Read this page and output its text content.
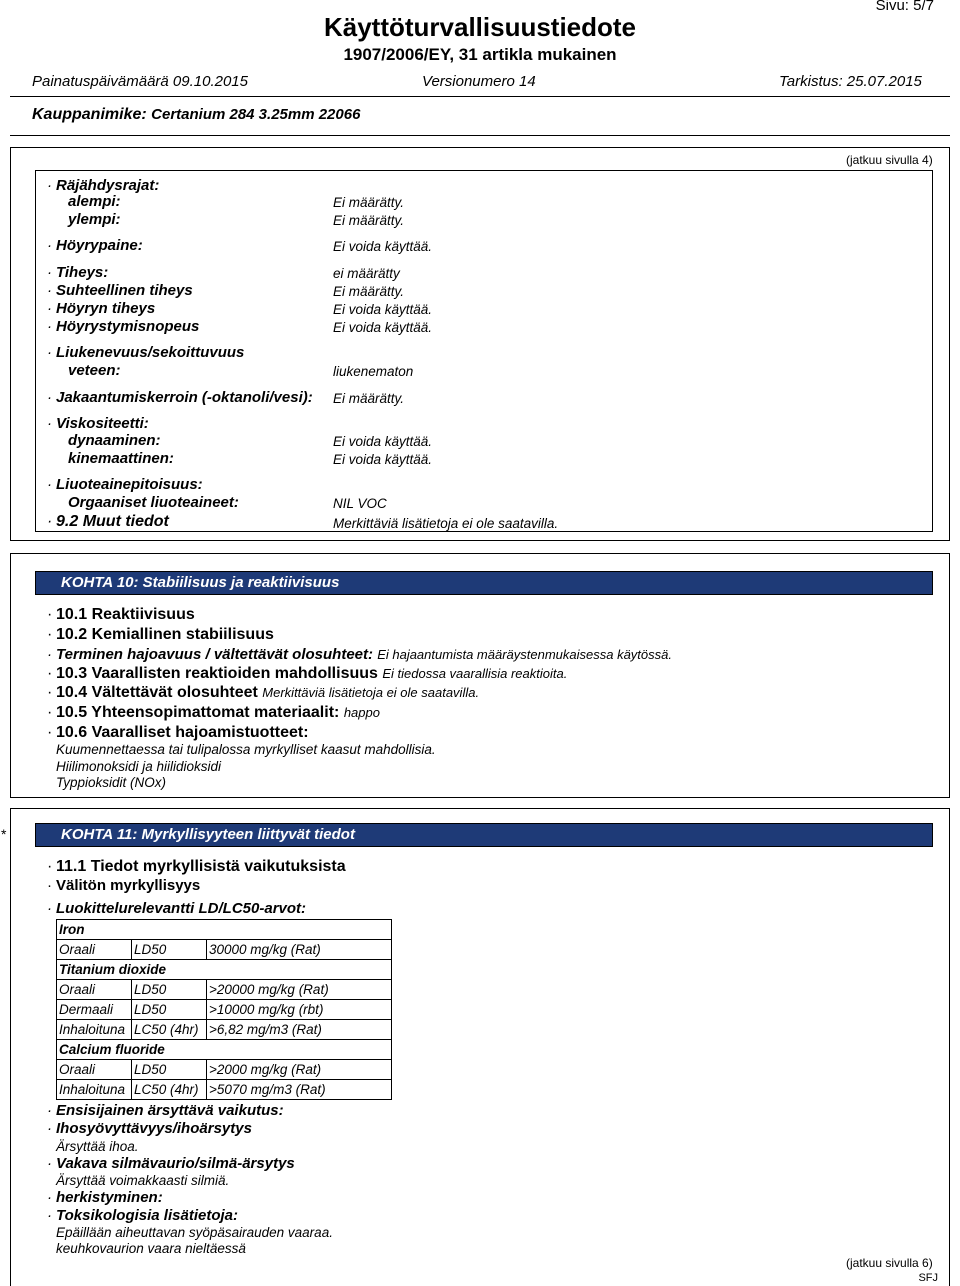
Käyttöturvallisuustiedote
1907/2006/EY, 31 artikla mukainen
Sivu: 5/7
Painatuspäivämäärä 09.10.2015	Versionumero 14	Tarkistus: 25.07.2015
Kauppanimike: Certanium 284 3.25mm 22066
(jatkuu sivulla 4)
· Räjähdysrajat:
alempi:	Ei määrätty.
ylempi:	Ei määrätty.
· Höyrypaine:	Ei voida käyttää.
· Tiheys:	ei määrätty
· Suhteellinen tiheys	Ei määrätty.
· Höyryn tiheys	Ei voida käyttää.
· Höyrystymisnopeus	Ei voida käyttää.
· Liukenevuus/sekoittuvuus
veteen:	liukenematon
· Jakaantumiskerroin (-oktanoli/vesi): Ei määrätty.
· Viskositeetti:
dynaaminen:	Ei voida käyttää.
kinemaattinen:	Ei voida käyttää.
· Liuoteainepitoisuus:
Orgaaniset liuoteaineet:	NIL VOC
· 9.2 Muut tiedot	Merkittäviä lisätietoja ei ole saatavilla.
KOHTA 10: Stabiilisuus ja reaktiivisuus
· 10.1 Reaktiivisuus
· 10.2 Kemiallinen stabiilisuus
· Terminen hajoavuus / vältettävät olosuhteet: Ei hajaantumista määräystenmukaisessa käytössä.
· 10.3 Vaarallisten reaktioiden mahdollisuus Ei tiedossa vaarallisia reaktioita.
· 10.4 Vältettävät olosuhteet Merkittäviä lisätietoja ei ole saatavilla.
· 10.5 Yhteensopimattomat materiaalit: happo
· 10.6 Vaaralliset hajoamistuotteet:
Kuumennettaessa tai tulipalossa myrkylliset kaasut mahdollisia.
Hiilimonoksidi ja hiilidioksidi
Typpioksidit (NOx)
*	KOHTA 11: Myrkyllisyyteen liittyvät tiedot
· 11.1 Tiedot myrkyllisistä vaikutuksista
· Välitön myrkyllisyys
· Luokittelurelevantti LD/LC50-arvot:
Iron		
Oraali	LD50	30000 mg/kg (Rat)
Titanium dioxide		
Oraali	LD50	>20000 mg/kg (Rat)
Dermaali	LD50	>10000 mg/kg (rbt)
Inhaloituna	LC50 (4hr)	>6,82 mg/m3 (Rat)
Calcium fluoride		
Oraali	LD50	>2000 mg/kg (Rat)
Inhaloituna	LC50 (4hr)	>5070 mg/m3 (Rat)
· Ensisijainen ärsyttävä vaikutus:
· Ihosyövyttävyys/ihoärsytys
Ärsyttää ihoa.
· Vakava silmävaurio/silmä-ärsytys
Ärsyttää voimakkaasti silmiä.
· herkistyminen:
· Toksikologisia lisätietoja:
Epäillään aiheuttavan syöpäsairauden vaaraa.
keuhkovaurion vaara nieltäessä
(jatkuu sivulla 6)
SFJ
